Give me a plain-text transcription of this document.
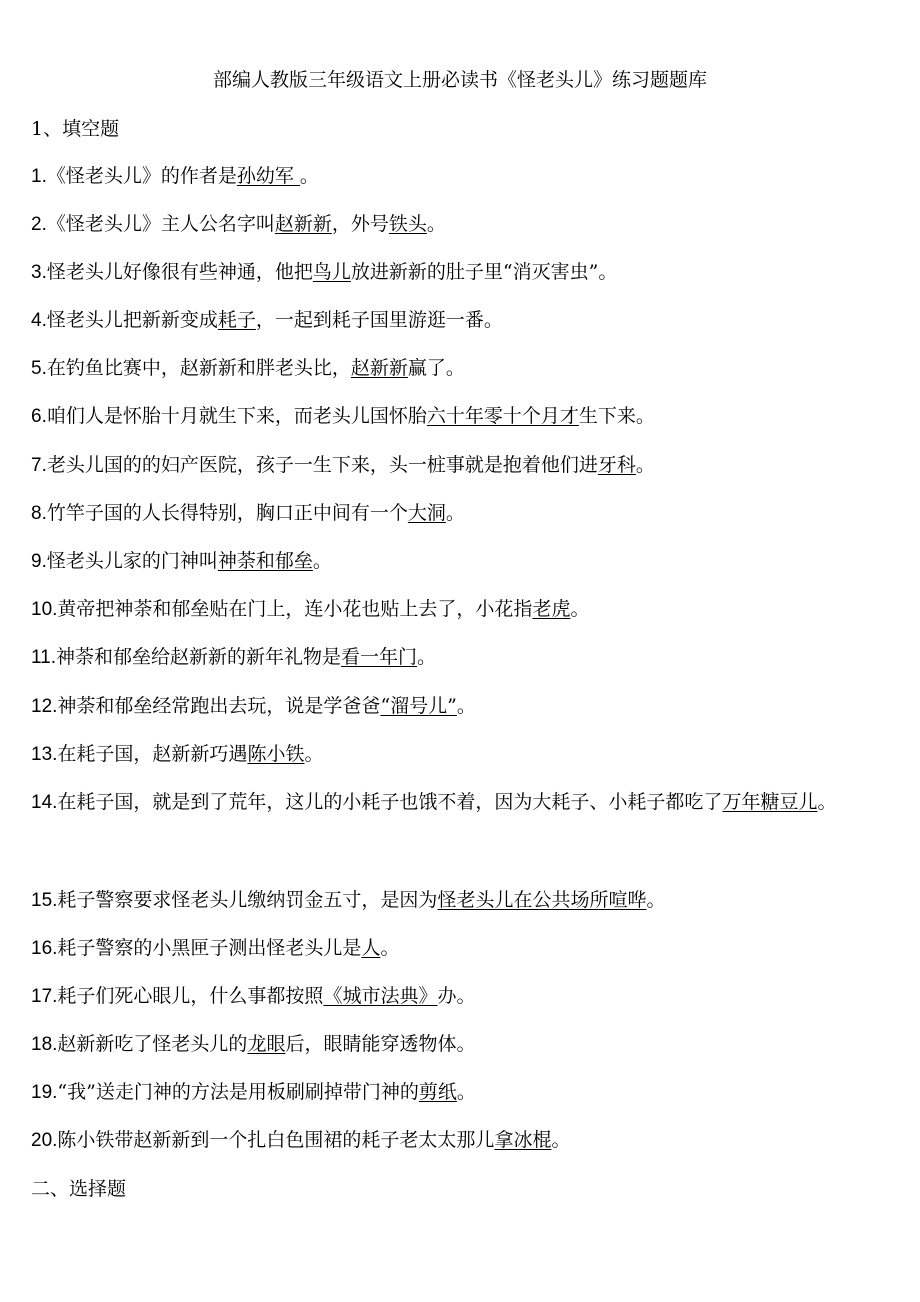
部编人教版三年级语文上册必读书《怪老头儿》练习题题库
1、填空题
1.《怪老头儿》的作者是孙幼军 。
2.《怪老头儿》主人公名字叫赵新新，外号铁头。
3.怪老头儿好像很有些神通，他把鸟儿放进新新的肚子里“消灭害虫”。
4.怪老头儿把新新变成耗子，一起到耗子国里游逛一番。
5.在钓鱼比赛中，赵新新和胖老头比，赵新新赢了。
6.咱们人是怀胎十月就生下来，而老头儿国怀胎六十年零十个月才生下来。
7.老头儿国的的妇产医院，孩子一生下来，头一桩事就是抱着他们进牙科。
8.竹竿子国的人长得特别，胸口正中间有一个大洞。
9.怪老头儿家的门神叫神荼和郁垒。
10.黄帝把神荼和郁垒贴在门上，连小花也贴上去了，小花指老虎。
11.神荼和郁垒给赵新新的新年礼物是看一年门。
12.神荼和郁垒经常跑出去玩，说是学爸爸“溜号儿”。
13.在耗子国，赵新新巧遇陈小铁。
14.在耗子国，就是到了荒年，这儿的小耗子也饿不着，因为大耗子、小耗子都吃了万年糖豆儿。
15.耗子警察要求怪老头儿缴纳罚金五寸，是因为怪老头儿在公共场所喧哗。
16.耗子警察的小黑匣子测出怪老头儿是人。
17.耗子们死心眼儿，什么事都按照《城市法典》办。
18.赵新新吃了怪老头儿的龙眼后，眼睛能穿透物体。
19.“我”送走门神的方法是用板刷刷掉带门神的剪纸。
20.陈小铁带赵新新到一个扎白色围裙的耗子老太太那儿拿冰棍。
二、选择题
